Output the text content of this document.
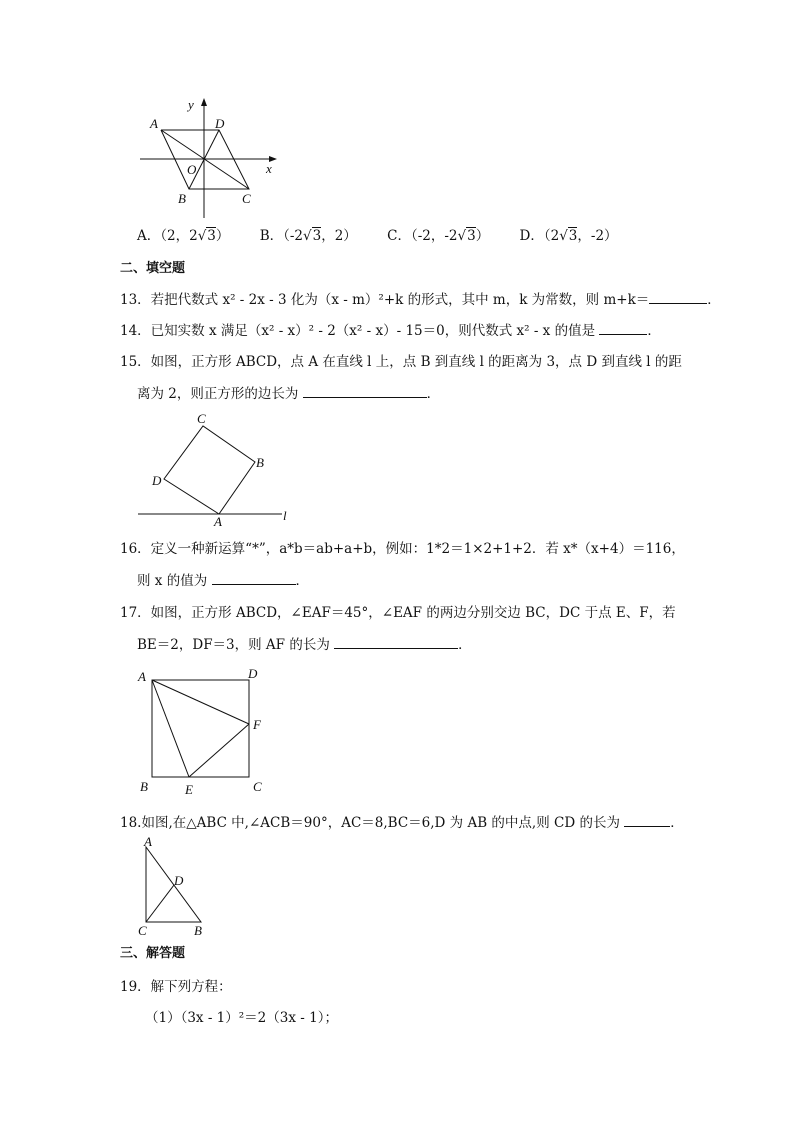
y
x
A	D
O
B	C
A．（2，2√3） B．（-2√3，2） C．（-2，-2√3） D．（2√3，-2）
二、填空题
13．若把代数式 x² - 2x - 3 化为（x - m）²+k 的形式，其中 m，k 为常数，则 m+k＝	．
14．已知实数 x 满足（x² - x）² - 2（x² - x）- 15＝0，则代数式 x² - x 的值是	．
15．如图，正方形 ABCD，点 A 在直线 l 上，点 B 到直线 l 的距离为 3，点 D 到直线 l 的距
离为 2，则正方形的边长为	．
C
B
D
A	l
16．定义一种新运算“*”，a*b＝ab+a+b，例如：1*2＝1×2+1+2．若 x*（x+4）＝116，
则 x 的值为	．
17．如图，正方形 ABCD，∠EAF＝45°，∠EAF 的两边分别交边 BC，DC 于点 E、F，若
BE＝2，DF＝3，则 AF 的长为	．
A	D
F
B	E	C
18.如图,在△ABC 中,∠ACB＝90°，AC＝8,BC＝6,D 为 AB 的中点,则 CD 的长为	．
A
D
C	B
三、解答题
19．解下列方程：
（1）（3x - 1）²＝2（3x - 1）；
